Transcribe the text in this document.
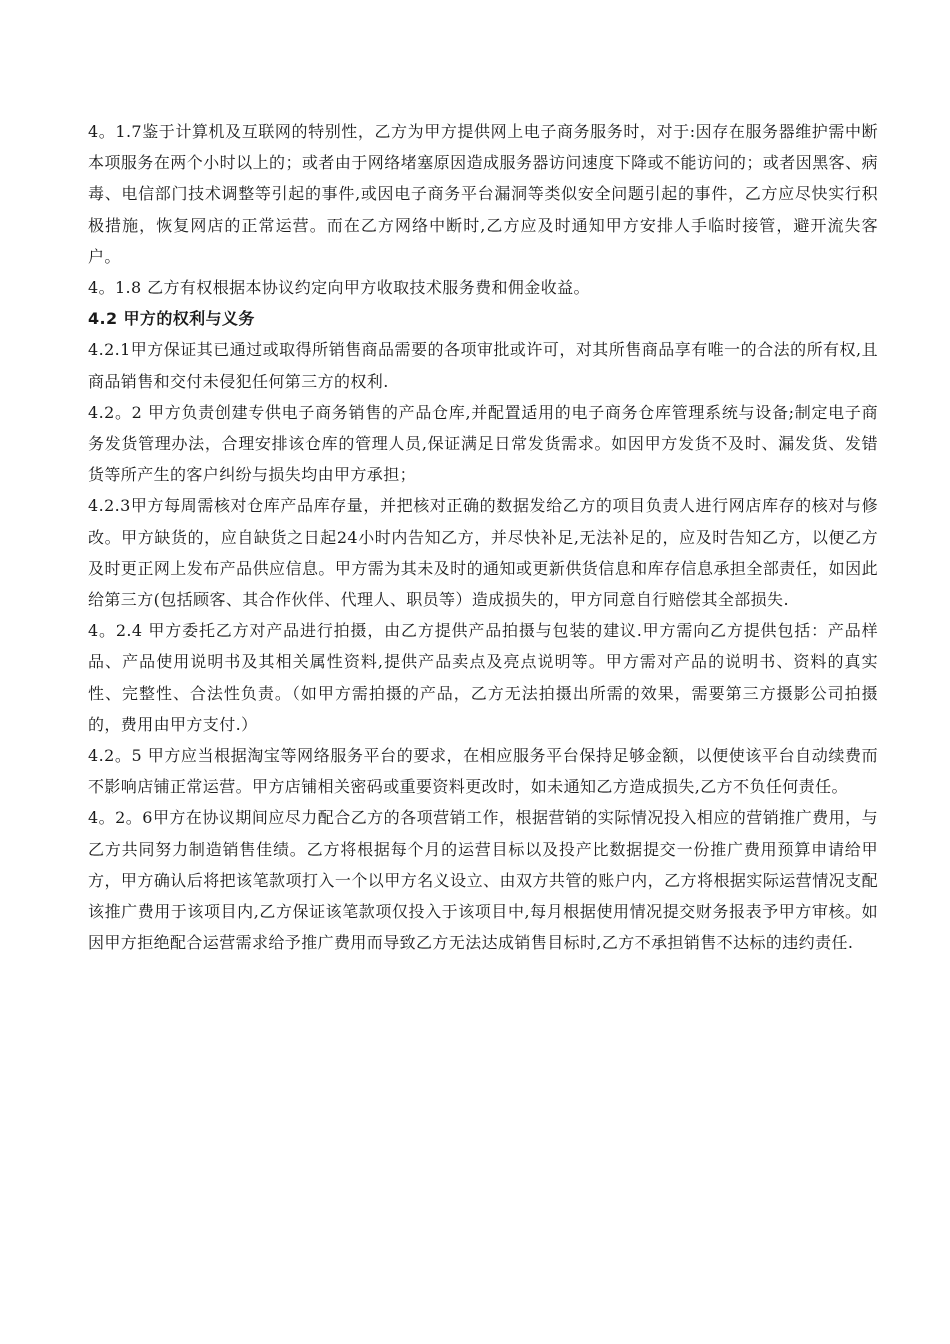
4。1.7鉴于计算机及互联网的特别性，乙方为甲方提供网上电子商务服务时，对于:因存在服务器维护需中断本项服务在两个小时以上的；或者由于网络堵塞原因造成服务器访问速度下降或不能访问的；或者因黑客、病毒、电信部门技术调整等引起的事件,或因电子商务平台漏洞等类似安全问题引起的事件，乙方应尽快实行积极措施，恢复网店的正常运营。而在乙方网络中断时,乙方应及时通知甲方安排人手临时接管，避开流失客户。

4。1.8 乙方有权根据本协议约定向甲方收取技术服务费和佣金收益。

4.2 甲方的权利与义务

4.2.1甲方保证其已通过或取得所销售商品需要的各项审批或许可，对其所售商品享有唯一的合法的所有权,且商品销售和交付未侵犯任何第三方的权利.

4.2。2 甲方负责创建专供电子商务销售的产品仓库,并配置适用的电子商务仓库管理系统与设备;制定电子商务发货管理办法，合理安排该仓库的管理人员,保证满足日常发货需求。如因甲方发货不及时、漏发货、发错货等所产生的客户纠纷与损失均由甲方承担；

4.2.3甲方每周需核对仓库产品库存量，并把核对正确的数据发给乙方的项目负责人进行网店库存的核对与修改。甲方缺货的，应自缺货之日起24小时内告知乙方，并尽快补足,无法补足的，应及时告知乙方，以便乙方及时更正网上发布产品供应信息。甲方需为其未及时的通知或更新供货信息和库存信息承担全部责任，如因此给第三方(包括顾客、其合作伙伴、代理人、职员等）造成损失的，甲方同意自行赔偿其全部损失.

4。2.4 甲方委托乙方对产品进行拍摄，由乙方提供产品拍摄与包装的建议.甲方需向乙方提供包括：产品样品、产品使用说明书及其相关属性资料,提供产品卖点及亮点说明等。甲方需对产品的说明书、资料的真实性、完整性、合法性负责。（如甲方需拍摄的产品，乙方无法拍摄出所需的效果，需要第三方摄影公司拍摄的，费用由甲方支付.）

4.2。5 甲方应当根据淘宝等网络服务平台的要求，在相应服务平台保持足够金额，以便使该平台自动续费而不影响店铺正常运营。甲方店铺相关密码或重要资料更改时，如未通知乙方造成损失,乙方不负任何责任。

4。2。6甲方在协议期间应尽力配合乙方的各项营销工作，根据营销的实际情况投入相应的营销推广费用，与乙方共同努力制造销售佳绩。乙方将根据每个月的运营目标以及投产比数据提交一份推广费用预算申请给甲方，甲方确认后将把该笔款项打入一个以甲方名义设立、由双方共管的账户内，乙方将根据实际运营情况支配该推广费用于该项目内,乙方保证该笔款项仅投入于该项目中,每月根据使用情况提交财务报表予甲方审核。如因甲方拒绝配合运营需求给予推广费用而导致乙方无法达成销售目标时,乙方不承担销售不达标的违约责任.
